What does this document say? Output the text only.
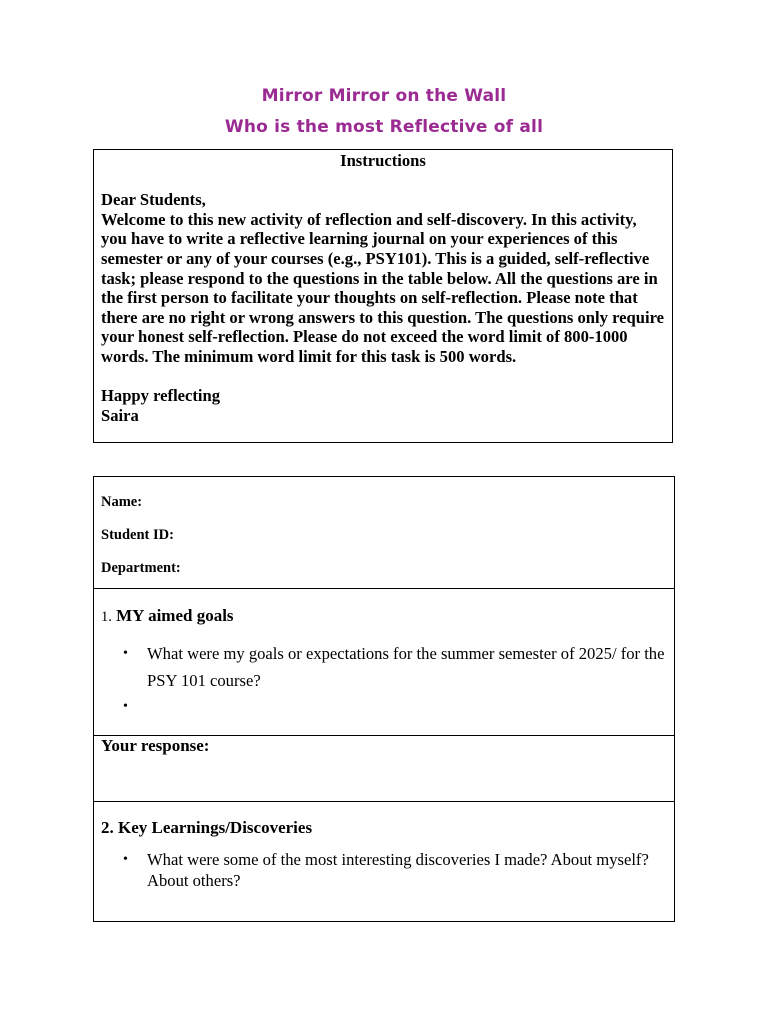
Mirror Mirror on the Wall
Who is the most Reflective of all
Instructions

Dear Students,

Welcome to this new activity of reflection and self-discovery. In this activity, you have to write a reflective learning journal on your experiences of this semester or any of your courses (e.g., PSY101). This is a guided, self-reflective task; please respond to the questions in the table below. All the questions are in the first person to facilitate your thoughts on self-reflection. Please note that there are no right or wrong answers to this question. The questions only require your honest self-reflection. Please do not exceed the word limit of 800-1000 words. The minimum word limit for this task is 500 words.

Happy reflecting

Saira

Name:

Student ID:

Department:

1. MY aimed goals

• What were my goals or expectations for the summer semester of 2025/ for the PSY 101 course?
•

Your response:

2. Key Learnings/Discoveries

• What were some of the most interesting discoveries I made? About myself? About others?
